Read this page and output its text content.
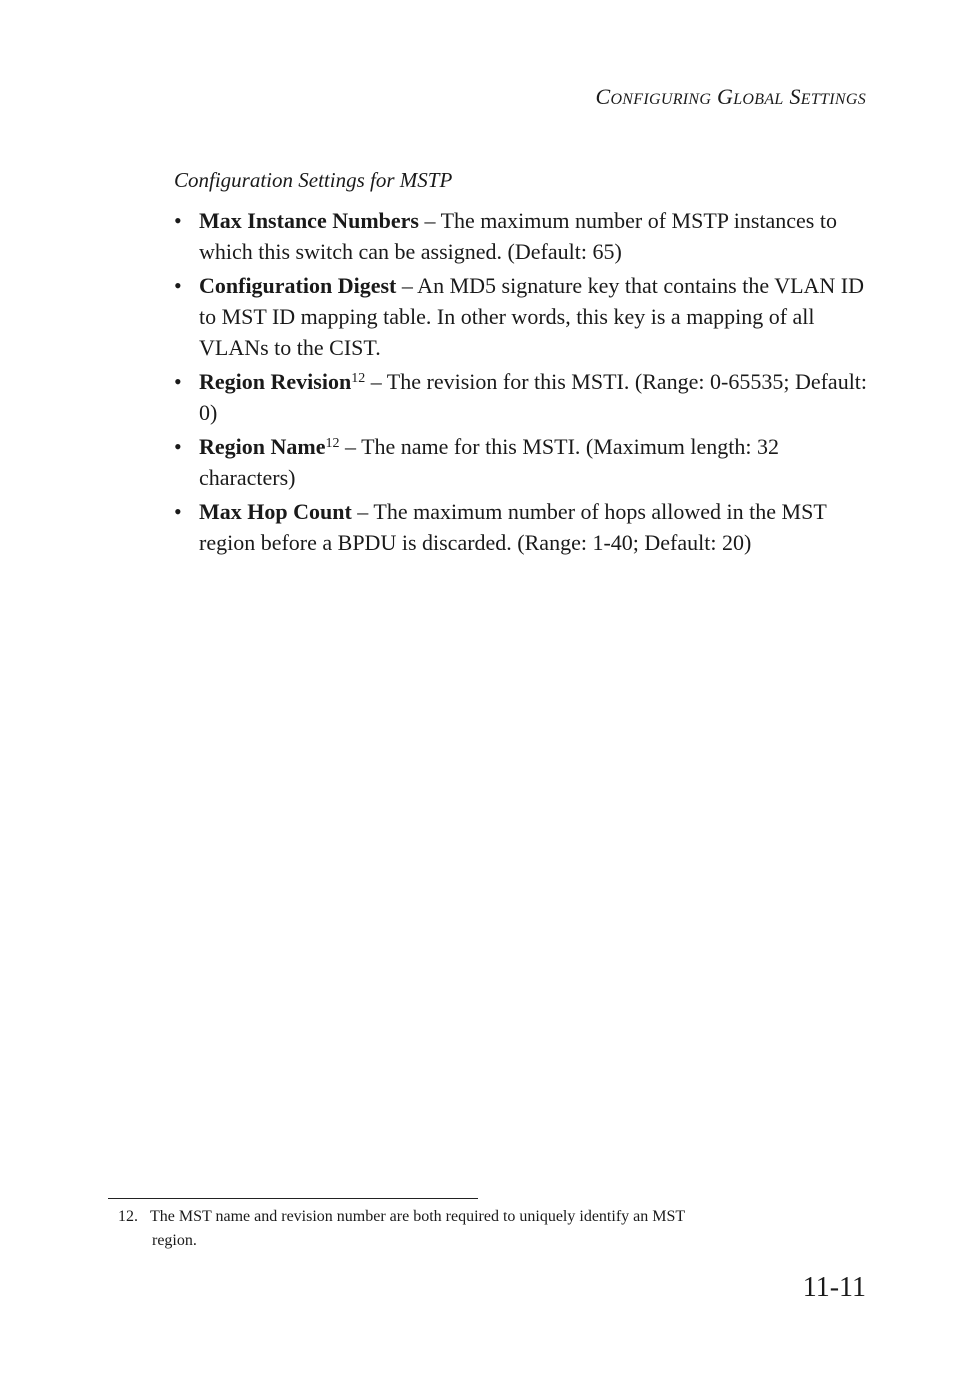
CONFIGURING GLOBAL SETTINGS
Configuration Settings for MSTP
• Max Instance Numbers – The maximum number of MSTP instances to which this switch can be assigned. (Default: 65)
• Configuration Digest – An MD5 signature key that contains the VLAN ID to MST ID mapping table. In other words, this key is a mapping of all VLANs to the CIST.
• Region Revision$^{12}$ – The revision for this MSTI. (Range: 0-65535; Default: 0)
• Region Name$^{12}$ – The name for this MSTI. (Maximum length: 32 characters)
• Max Hop Count – The maximum number of hops allowed in the MST region before a BPDU is discarded. (Range: 1-40; Default: 20)
12. The MST name and revision number are both required to uniquely identify an MST
region.
11-11
